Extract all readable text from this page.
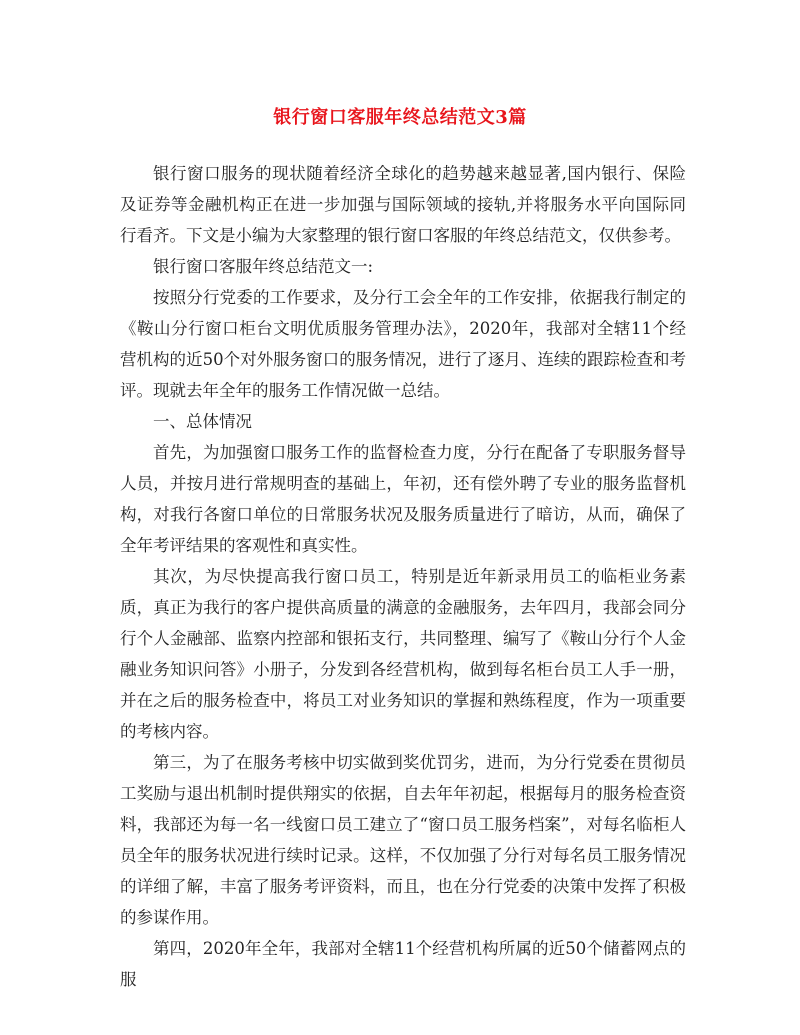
银行窗口客服年终总结范文3篇

银行窗口服务的现状随着经济全球化的趋势越来越显著,国内银行、保险及证券等金融机构正在进一步加强与国际领域的接轨,并将服务水平向国际同行看齐。下文是小编为大家整理的银行窗口客服的年终总结范文，仅供参考。

银行窗口客服年终总结范文一:

按照分行党委的工作要求，及分行工会全年的工作安排，依据我行制定的《鞍山分行窗口柜台文明优质服务管理办法》，2020年，我部对全辖11个经营机构的近50个对外服务窗口的服务情况，进行了逐月、连续的跟踪检查和考评。现就去年全年的服务工作情况做一总结。

一、总体情况

首先，为加强窗口服务工作的监督检查力度，分行在配备了专职服务督导人员，并按月进行常规明查的基础上，年初，还有偿外聘了专业的服务监督机构，对我行各窗口单位的日常服务状况及服务质量进行了暗访，从而，确保了全年考评结果的客观性和真实性。

其次，为尽快提高我行窗口员工，特别是近年新录用员工的临柜业务素质，真正为我行的客户提供高质量的满意的金融服务，去年四月，我部会同分行个人金融部、监察内控部和银拓支行，共同整理、编写了《鞍山分行个人金融业务知识问答》小册子，分发到各经营机构，做到每名柜台员工人手一册，并在之后的服务检查中，将员工对业务知识的掌握和熟练程度，作为一项重要的考核内容。

第三，为了在服务考核中切实做到奖优罚劣，进而，为分行党委在贯彻员工奖励与退出机制时提供翔实的依据，自去年年初起，根据每月的服务检查资料，我部还为每一名一线窗口员工建立了“窗口员工服务档案”，对每名临柜人员全年的服务状况进行续时记录。这样，不仅加强了分行对每名员工服务情况的详细了解，丰富了服务考评资料，而且，也在分行党委的决策中发挥了积极的参谋作用。

第四，2020年全年，我部对全辖11个经营机构所属的近50个储蓄网点的服
